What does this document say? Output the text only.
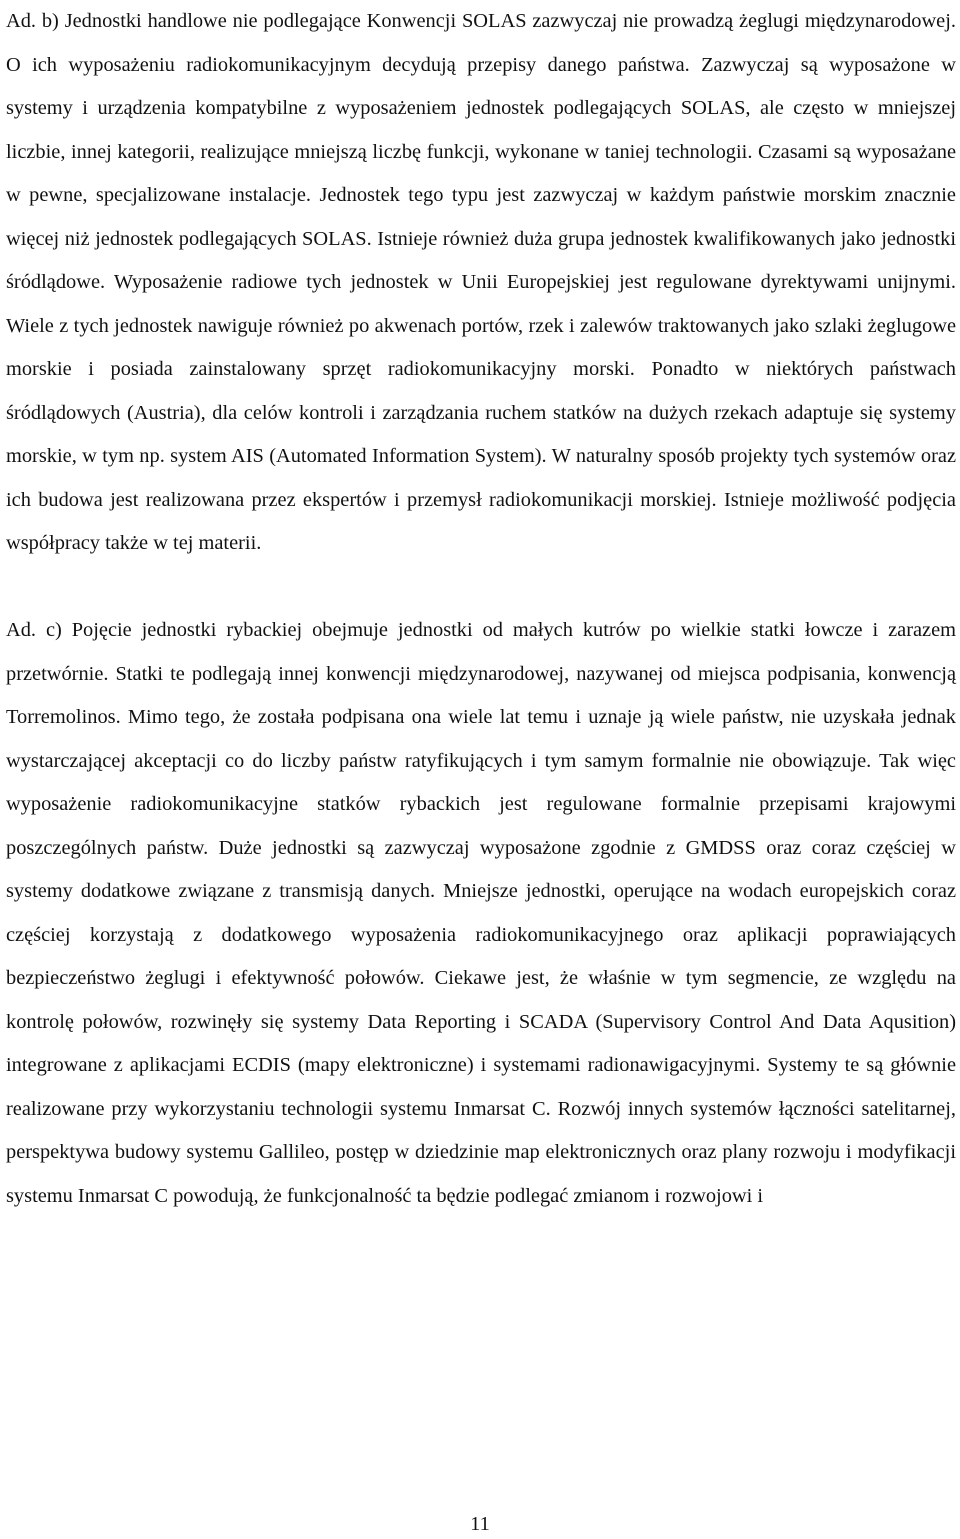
Ad. b) Jednostki handlowe nie podlegające Konwencji SOLAS zazwyczaj nie prowadzą żeglugi międzynarodowej. O ich wyposażeniu radiokomunikacyjnym decydują przepisy danego państwa. Zazwyczaj są wyposażone w systemy i urządzenia kompatybilne z wyposażeniem jednostek podlegających SOLAS, ale często w mniejszej liczbie, innej kategorii, realizujące mniejszą liczbę funkcji, wykonane w taniej technologii. Czasami są wyposażane w pewne, specjalizowane instalacje. Jednostek tego typu jest zazwyczaj w każdym państwie morskim znacznie więcej niż jednostek podlegających SOLAS. Istnieje również duża grupa jednostek kwalifikowanych jako jednostki śródlądowe. Wyposażenie radiowe tych jednostek w Unii Europejskiej jest regulowane dyrektywami unijnymi. Wiele z tych jednostek nawiguje również po akwenach portów, rzek i zalewów traktowanych jako szlaki żeglugowe morskie i posiada zainstalowany sprzęt radiokomunikacyjny morski. Ponadto w niektórych państwach śródlądowych (Austria), dla celów kontroli i zarządzania ruchem statków na dużych rzekach adaptuje się systemy morskie, w tym np. system AIS (Automated Information System). W naturalny sposób projekty tych systemów oraz ich budowa jest realizowana przez ekspertów i przemysł radiokomunikacji morskiej. Istnieje możliwość podjęcia współpracy także w tej materii.

Ad. c) Pojęcie jednostki rybackiej obejmuje jednostki od małych kutrów po wielkie statki łowcze i zarazem przetwórnie. Statki te podlegają innej konwencji międzynarodowej, nazywanej od miejsca podpisania, konwencją Torremolinos. Mimo tego, że została podpisana ona wiele lat temu i uznaje ją wiele państw, nie uzyskała jednak wystarczającej akceptacji co do liczby państw ratyfikujących i tym samym formalnie nie obowiązuje. Tak więc wyposażenie radiokomunikacyjne statków rybackich jest regulowane formalnie przepisami krajowymi poszczególnych państw. Duże jednostki są zazwyczaj wyposażone zgodnie z GMDSS oraz coraz częściej w systemy dodatkowe związane z transmisją danych. Mniejsze jednostki, operujące na wodach europejskich coraz częściej korzystają z dodatkowego wyposażenia radiokomunikacyjnego oraz aplikacji poprawiających bezpieczeństwo żeglugi i efektywność połowów. Ciekawe jest, że właśnie w tym segmencie, ze względu na kontrolę połowów, rozwinęły się systemy Data Reporting i SCADA (Supervisory Control And Data Aqusition) integrowane z aplikacjami ECDIS (mapy elektroniczne) i systemami radionawigacyjnymi. Systemy te są głównie realizowane przy wykorzystaniu technologii systemu Inmarsat C. Rozwój innych systemów łączności satelitarnej, perspektywa budowy systemu Gallileo, postęp w dziedzinie map elektronicznych oraz plany rozwoju i modyfikacji systemu Inmarsat C powodują, że funkcjonalność ta będzie podlegać zmianom i rozwojowi i

11
